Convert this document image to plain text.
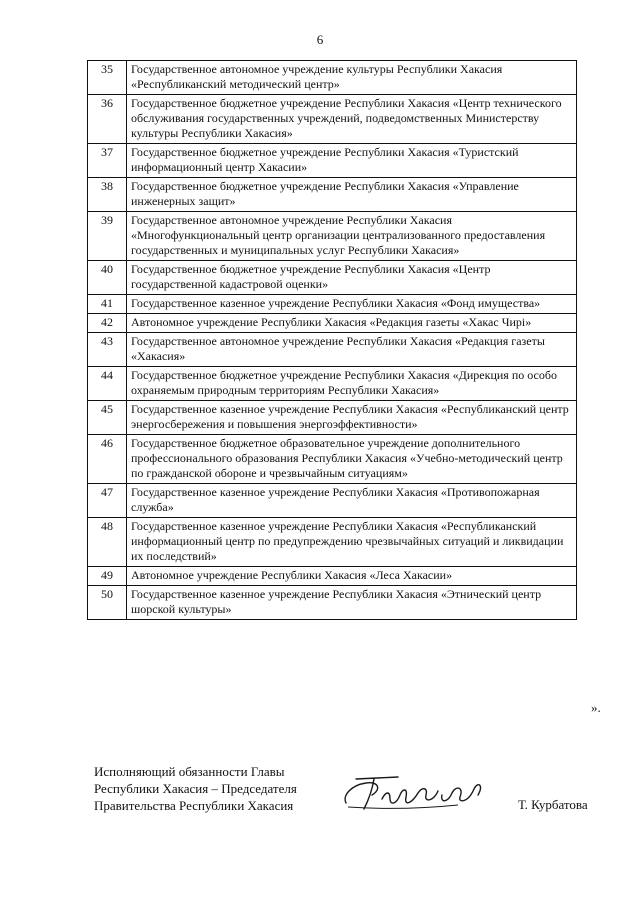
6
35	Государственное автономное учреждение культуры Республики Хакасия «Республиканский методический центр»
36	Государственное бюджетное учреждение Республики Хакасия «Центр технического обслуживания государственных учреждений, подведомственных Министерству культуры Республики Хакасия»
37	Государственное бюджетное учреждение Республики Хакасия «Туристский информационный центр Хакасии»
38	Государственное бюджетное учреждение Республики Хакасия «Управление инженерных защит»
39	Государственное автономное учреждение Республики Хакасия «Многофункциональный центр организации централизованного предоставления государственных и муниципальных услуг Республики Хакасия»
40	Государственное бюджетное учреждение Республики Хакасия «Центр государственной кадастровой оценки»
41	Государственное казенное учреждение Республики Хакасия «Фонд имущества»
42	Автономное учреждение Республики Хакасия «Редакция газеты «Хакас Чирi»
43	Государственное автономное учреждение Республики Хакасия «Редакция газеты «Хакасия»
44	Государственное бюджетное учреждение Республики Хакасия «Дирекция по особо охраняемым природным территориям Республики Хакасия»
45	Государственное казенное учреждение Республики Хакасия «Республиканский центр энергосбережения и повышения энергоэффективности»
46	Государственное бюджетное образовательное учреждение дополнительного профессионального образования Республики Хакасия «Учебно-методический центр по гражданской обороне и чрезвычайным ситуациям»
47	Государственное казенное учреждение Республики Хакасия «Противопожарная служба»
48	Государственное казенное учреждение Республики Хакасия «Республиканский информационный центр по предупреждению чрезвычайных ситуаций и ликвидации их последствий»
49	Автономное учреждение Республики Хакасия «Леса Хакасии»
50	Государственное казенное учреждение Республики Хакасия «Этнический центр шорской культуры»
».
Исполняющий обязанности Главы
Республики Хакасия – Председателя
Правительства Республики Хакасия	Т. Курбатова
